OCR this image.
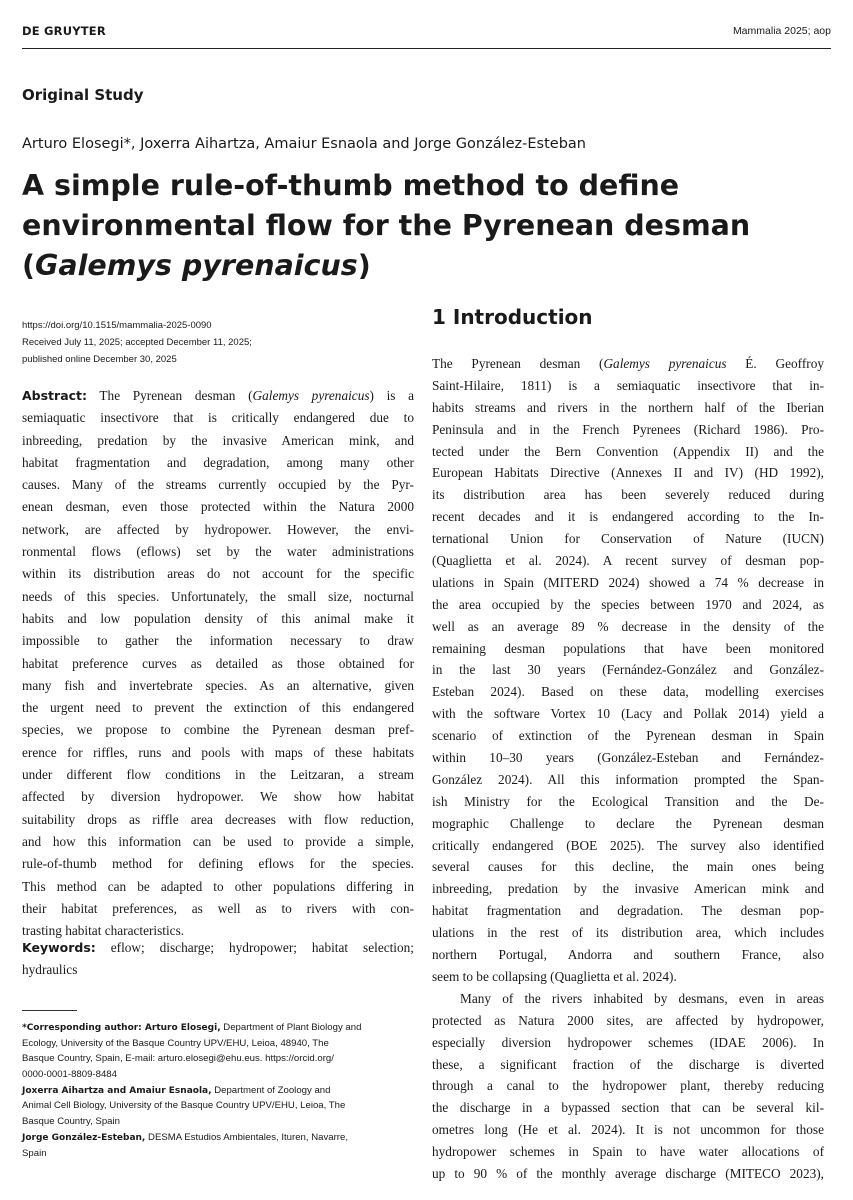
DE GRUYTER	Mammalia 2025; aop
Original Study
Arturo Elosegi*, Joxerra Aihartza, Amaiur Esnaola and Jorge González-Esteban
A simple rule-of-thumb method to define
environmental flow for the Pyrenean desman
(Galemys pyrenaicus)
https://doi.org/10.1515/mammalia-2025-0090
Received July 11, 2025; accepted December 11, 2025;
published online December 30, 2025
Abstract: The Pyrenean desman (Galemys pyrenaicus) is a
semiaquatic insectivore that is critically endangered due to
inbreeding, predation by the invasive American mink, and
habitat fragmentation and degradation, among many other
causes. Many of the streams currently occupied by the Pyr-
enean desman, even those protected within the Natura 2000
network, are affected by hydropower. However, the envi-
ronmental flows (eflows) set by the water administrations
within its distribution areas do not account for the specific
needs of this species. Unfortunately, the small size, nocturnal
habits and low population density of this animal make it
impossible to gather the information necessary to draw
habitat preference curves as detailed as those obtained for
many fish and invertebrate species. As an alternative, given
the urgent need to prevent the extinction of this endangered
species, we propose to combine the Pyrenean desman pref-
erence for riffles, runs and pools with maps of these habitats
under different flow conditions in the Leitzaran, a stream
affected by diversion hydropower. We show how habitat
suitability drops as riffle area decreases with flow reduction,
and how this information can be used to provide a simple,
rule-of-thumb method for defining eflows for the species.
This method can be adapted to other populations differing in
their habitat preferences, as well as to rivers with con-
trasting habitat characteristics.
Keywords: eflow; discharge; hydropower; habitat selection;
hydraulics
*Corresponding author: Arturo Elosegi, Department of Plant Biology and
Ecology, University of the Basque Country UPV/EHU, Leioa, 48940, The
Basque Country, Spain, E-mail: arturo.elosegi@ehu.eus. https://orcid.org/
0000-0001-8809-8484
Joxerra Aihartza and Amaiur Esnaola, Department of Zoology and
Animal Cell Biology, University of the Basque Country UPV/EHU, Leioa, The
Basque Country, Spain
Jorge González-Esteban, DESMA Estudios Ambientales, Ituren, Navarre,
Spain
1 Introduction
The Pyrenean desman (Galemys pyrenaicus É. Geoffroy
Saint-Hilaire, 1811) is a semiaquatic insectivore that in-
habits streams and rivers in the northern half of the Iberian
Peninsula and in the French Pyrenees (Richard 1986). Pro-
tected under the Bern Convention (Appendix II) and the
European Habitats Directive (Annexes II and IV) (HD 1992),
its distribution area has been severely reduced during
recent decades and it is endangered according to the In-
ternational Union for Conservation of Nature (IUCN)
(Quaglietta et al. 2024). A recent survey of desman pop-
ulations in Spain (MITERD 2024) showed a 74 % decrease in
the area occupied by the species between 1970 and 2024, as
well as an average 89 % decrease in the density of the
remaining desman populations that have been monitored
in the last 30 years (Fernández-González and González-
Esteban 2024). Based on these data, modelling exercises
with the software Vortex 10 (Lacy and Pollak 2014) yield a
scenario of extinction of the Pyrenean desman in Spain
within 10–30 years (González-Esteban and Fernández-
González 2024). All this information prompted the Span-
ish Ministry for the Ecological Transition and the De-
mographic Challenge to declare the Pyrenean desman
critically endangered (BOE 2025). The survey also identified
several causes for this decline, the main ones being
inbreeding, predation by the invasive American mink and
habitat fragmentation and degradation. The desman pop-
ulations in the rest of its distribution area, which includes
northern Portugal, Andorra and southern France, also
seem to be collapsing (Quaglietta et al. 2024).
Many of the rivers inhabited by desmans, even in areas
protected as Natura 2000 sites, are affected by hydropower,
especially diversion hydropower schemes (IDAE 2006). In
these, a significant fraction of the discharge is diverted
through a canal to the hydropower plant, thereby reducing
the discharge in a bypassed section that can be several kil-
ometres long (He et al. 2024). It is not uncommon for those
hydropower schemes in Spain to have water allocations of
up to 90 % of the monthly average discharge (MITECO 2023),
